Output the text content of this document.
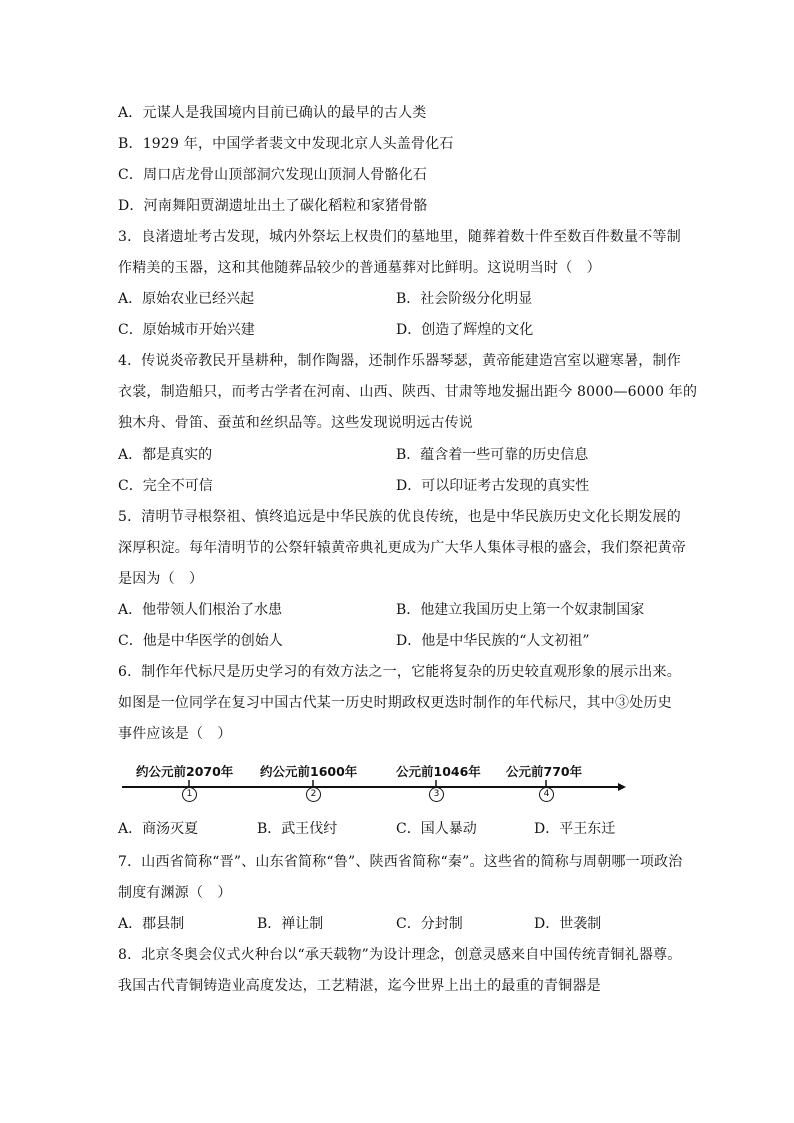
A．元谋人是我国境内目前已确认的最早的古人类
B．1929 年，中国学者裴文中发现北京人头盖骨化石
C．周口店龙骨山顶部洞穴发现山顶洞人骨骼化石
D．河南舞阳贾湖遗址出土了碳化稻粒和家猪骨骼
3．良渚遗址考古发现，城内外祭坛上权贵们的墓地里，随葬着数十件至数百件数量不等制
作精美的玉器，这和其他随葬品较少的普通墓葬对比鲜明。这说明当时（　）
A．原始农业已经兴起	B．社会阶级分化明显
C．原始城市开始兴建	D．创造了辉煌的文化
4．传说炎帝教民开垦耕种，制作陶器，还制作乐器琴瑟，黄帝能建造宫室以避寒暑，制作
衣裳，制造船只，而考古学者在河南、山西、陕西、甘肃等地发掘出距今 8000—6000 年的
独木舟、骨笛、蚕茧和丝织品等。这些发现说明远古传说
A．都是真实的	B．蕴含着一些可靠的历史信息
C．完全不可信	D．可以印证考古发现的真实性
5．清明节寻根祭祖、慎终追远是中华民族的优良传统，也是中华民族历史文化长期发展的
深厚积淀。每年清明节的公祭轩辕黄帝典礼更成为广大华人集体寻根的盛会，我们祭祀黄帝
是因为（　）
A．他带领人们根治了水患	B．他建立我国历史上第一个奴隶制国家
C．他是中华医学的创始人	D．他是中华民族的“人文初祖”
6．制作年代标尺是历史学习的有效方法之一，它能将复杂的历史较直观形象的展示出来。
如图是一位同学在复习中国古代某一历史时期政权更迭时制作的年代标尺，其中③处历史
事件应该是（　）
约公元前2070年 约公元前1600年	公元前1046年 公元前770年
1	2	3	4
A．商汤灭夏	B．武王伐纣	C．国人暴动	D．平王东迁
7．山西省简称“晋”、山东省简称“鲁”、陕西省简称“秦”。这些省的简称与周朝哪一项政治
制度有渊源（　）
A．郡县制	B．禅让制	C．分封制	D．世袭制
8．北京冬奥会仪式火种台以“承天载物”为设计理念，创意灵感来自中国传统青铜礼器尊。
我国古代青铜铸造业高度发达，工艺精湛，迄今世界上出土的最重的青铜器是
